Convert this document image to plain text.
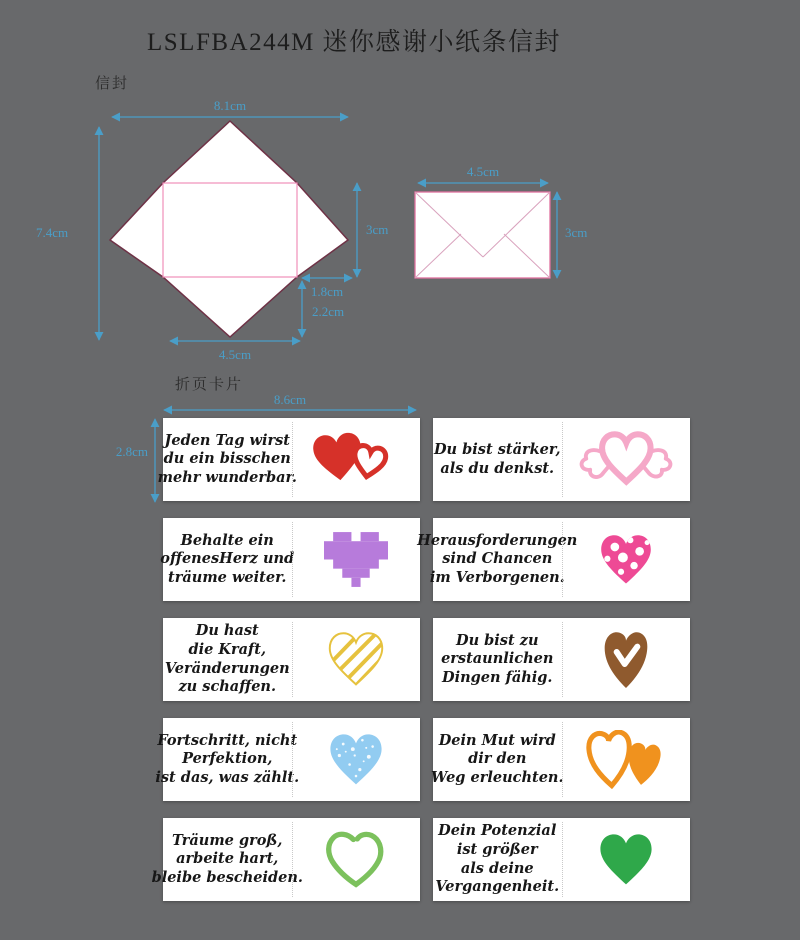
LSLFBA244M 迷你感谢小纸条信封
信封
8.1cm
7.4cm	3cm
1.8cm
2.2cm
4.5cm
4.5cm
3cm
折页卡片
8.6cm
2.8cm
Jeden Tag wirst
du ein bisschen
mehr wunderbar.
Du bist stärker,
als du denkst.
Behalte ein
offenesHerz und
träume weiter.
Herausforderungen
sind Chancen
im Verborgenen.
Du hast
die Kraft,
Veränderungen
zu schaffen.
Du bist zu
erstaunlichen
Dingen fähig.
Fortschritt, nicht
Perfektion,
ist das, was zählt.
Dein Mut wird
dir den
Weg erleuchten.
Träume groß,
arbeite hart,
bleibe bescheiden.
Dein Potenzial
ist größer
als deine
Vergangenheit.
